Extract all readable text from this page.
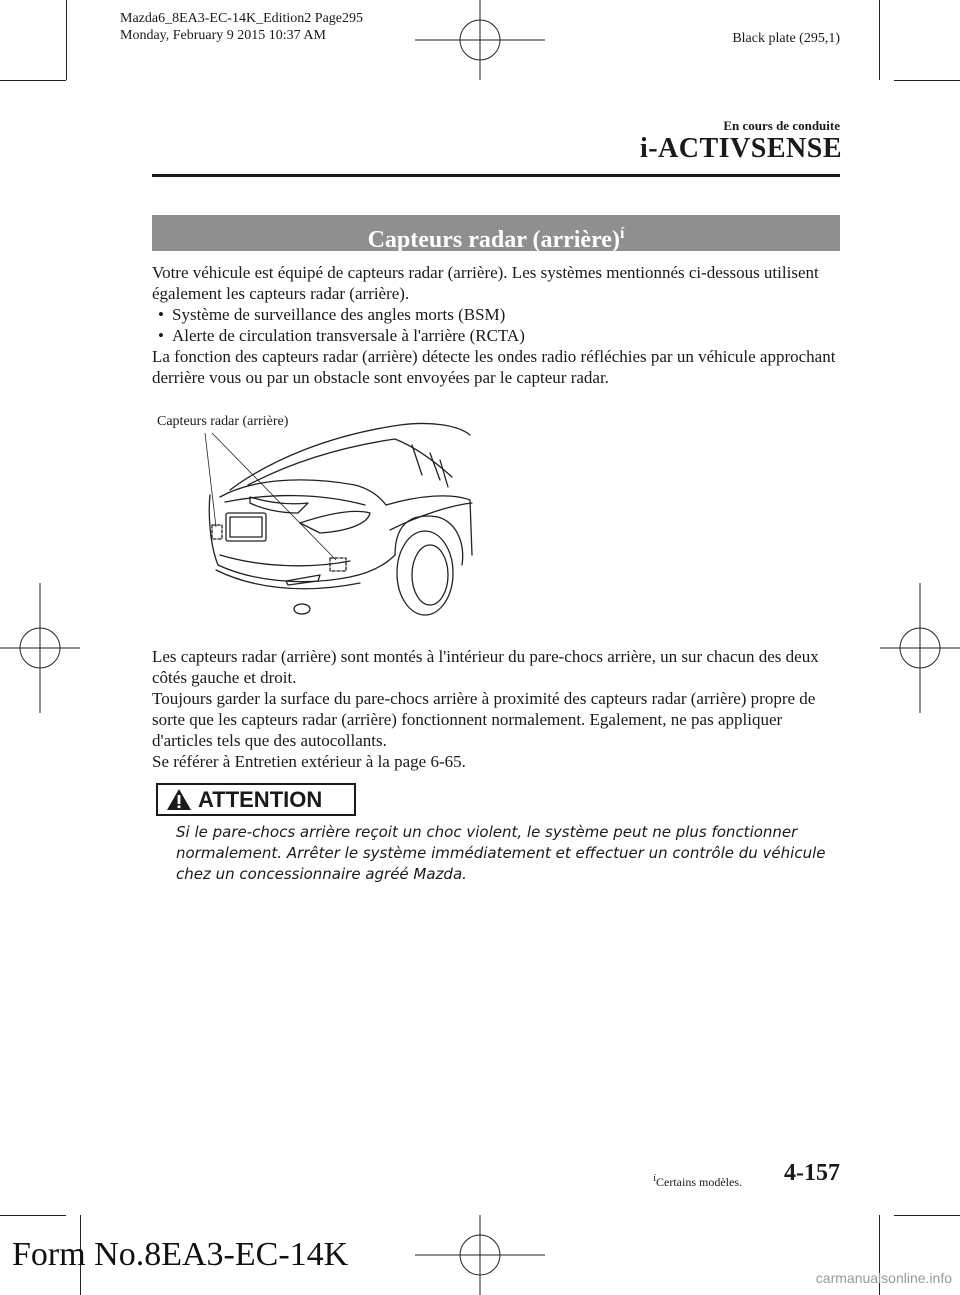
Mazda6_8EA3-EC-14K_Edition2 Page295
Monday, February 9 2015 10:37 AM	Black plate (295,1)
En cours de conduite
i-ACTIVSENSE
Capteurs radar (arrière)$^í$
Votre véhicule est équipé de capteurs radar (arrière). Les systèmes mentionnés ci-dessous utilisent également les capteurs radar (arrière).
• Système de surveillance des angles morts (BSM)
• Alerte de circulation transversale à l'arrière (RCTA)
La fonction des capteurs radar (arrière) détecte les ondes radio réfléchies par un véhicule approchant derrière vous ou par un obstacle sont envoyées par le capteur radar.
Capteurs radar (arrière)
Les capteurs radar (arrière) sont montés à l'intérieur du pare-chocs arrière, un sur chacun des deux côtés gauche et droit.
Toujours garder la surface du pare-chocs arrière à proximité des capteurs radar (arrière) propre de sorte que les capteurs radar (arrière) fonctionnent normalement. Egalement, ne pas appliquer d'articles tels que des autocollants.
Se référer à Entretien extérieur à la page 6-65.
ATTENTION
Si le pare-chocs arrière reçoit un choc violent, le système peut ne plus fonctionner normalement. Arrêter le système immédiatement et effectuer un contrôle du véhicule chez un concessionnaire agréé Mazda.
$^í$Certains modèles. 4-157
Form No.8EA3-EC-14K
carmanualsonline.info
